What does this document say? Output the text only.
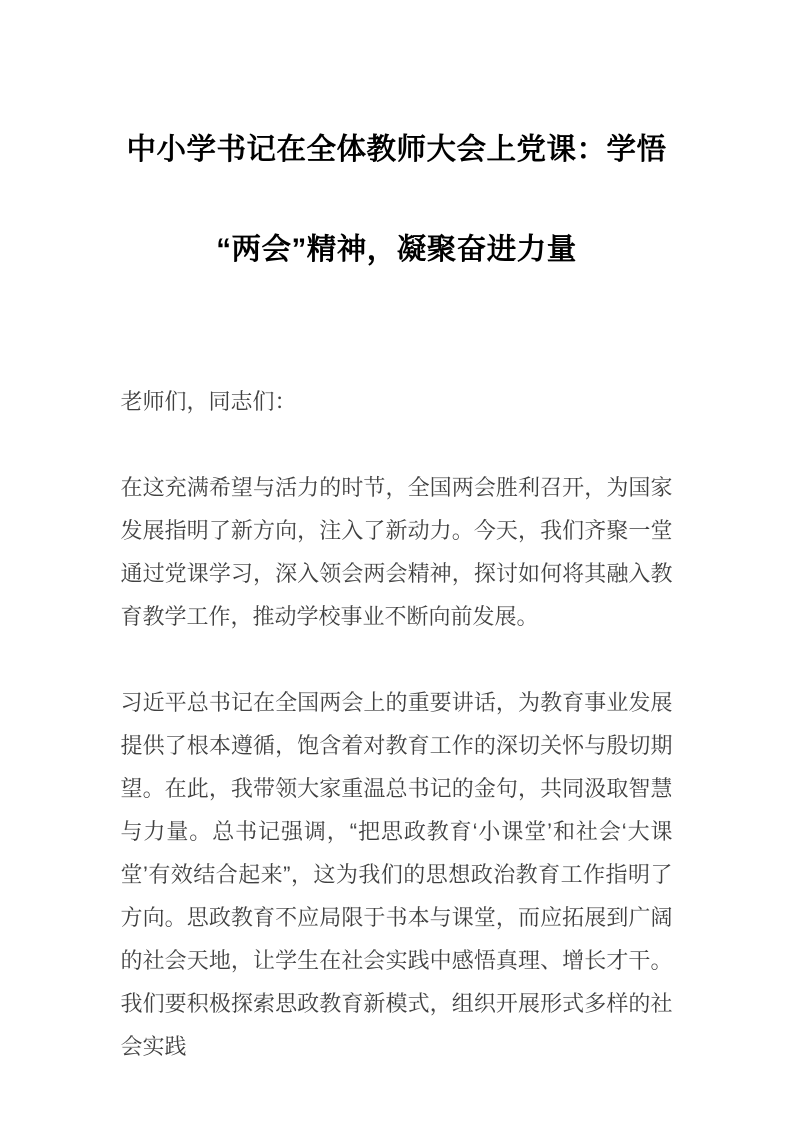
中小学书记在全体教师大会上党课：学悟
“两会”精神，凝聚奋进力量

老师们，同志们：

在这充满希望与活力的时节，全国两会胜利召开，为国家发展指明了新方向，注入了新动力。今天，我们齐聚一堂通过党课学习，深入领会两会精神，探讨如何将其融入教育教学工作，推动学校事业不断向前发展。

习近平总书记在全国两会上的重要讲话，为教育事业发展提供了根本遵循，饱含着对教育工作的深切关怀与殷切期望。在此，我带领大家重温总书记的金句，共同汲取智慧与力量。总书记强调，“把思政教育‘小课堂’和社会‘大课堂’有效结合起来”，这为我们的思想政治教育工作指明了方向。思政教育不应局限于书本与课堂，而应拓展到广阔的社会天地，让学生在社会实践中感悟真理、增长才干。我们要积极探索思政教育新模式，组织开展形式多样的社会实践
